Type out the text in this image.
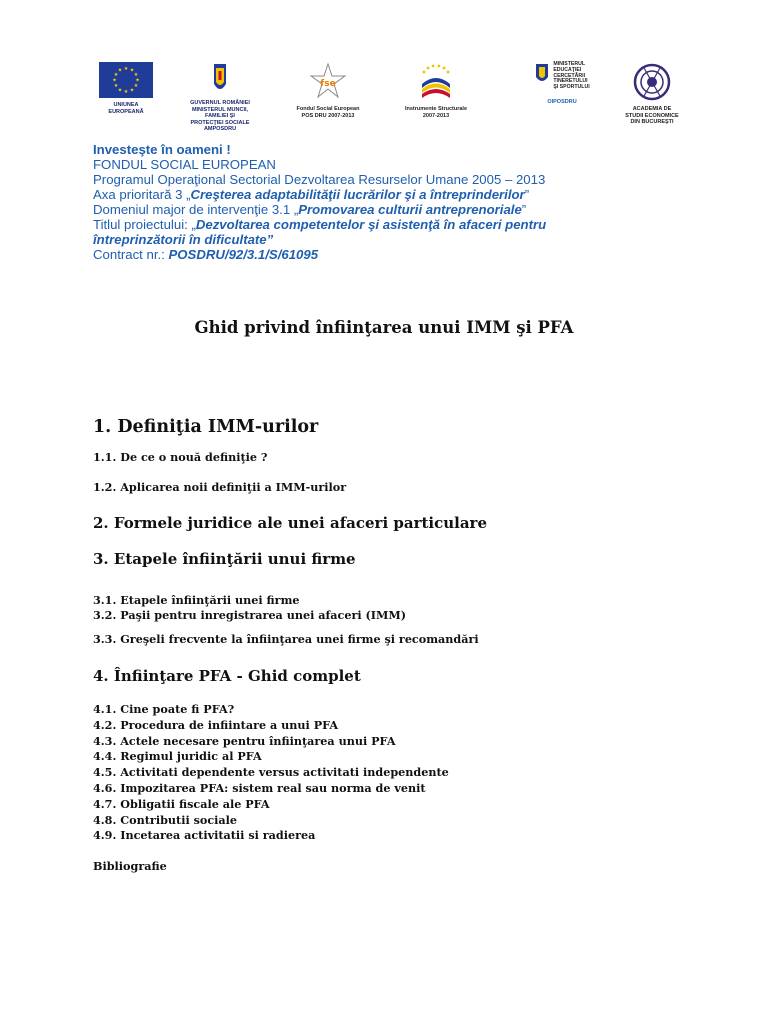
★ ★
★
★
★
★
★
★
★
★
★
★
UNIUNEA EUROPEANĂ
GUVERNUL ROMÂNIEI
MINISTERUL MUNCII, FAMILIEI ŞI
PROTECŢIEI SOCIALE
AMPOSDRU
fse
Fondul Social European
POS DRU 2007-2013
Instrumente Structurale
2007-2013
MINISTERUL
EDUCAŢIEI
CERCETĂRII
TINERETULUI
ŞI SPORTULUI
OIPOSDRU
ACADEMIA DE
STUDII ECONOMICE
DIN BUCUREŞTI
Investeşte în oameni !
FONDUL SOCIAL EUROPEAN
Programul Operaţional Sectorial Dezvoltarea Resurselor Umane 2005 – 2013
Axa prioritară 3 „Creşterea adaptabilităţii lucrărilor şi a întreprinderilor”
Domeniul major de intervenţie 3.1 „Promovarea culturii antreprenoriale”
Titlul proiectului: „Dezvoltarea competentelor şi asistenţă în afaceri pentru
întreprinzătorii în dificultate”
Contract nr.: POSDRU/92/3.1/S/61095
Ghid privind înfiinţarea unui IMM şi PFA
1. Definiţia IMM-urilor
1.1. De ce o nouă definiţie ?
1.2. Aplicarea noii definiţii a IMM-urilor
2. Formele juridice ale unei afaceri particulare
3. Etapele înfiinţării unui firme
3.1. Etapele înfiinţării unei firme
3.2. Paşii pentru inregistrarea unei afaceri (IMM)
3.3. Greşeli frecvente la înfiinţarea unei firme şi recomandări
4. Înfiinţare PFA - Ghid complet
4.1. Cine poate fi PFA?
4.2. Procedura de infiintare a unui PFA
4.3. Actele necesare pentru înfiinţarea unui PFA
4.4. Regimul juridic al PFA
4.5. Activitati dependente versus activitati independente
4.6. Impozitarea PFA: sistem real sau norma de venit
4.7. Obligatii fiscale ale PFA
4.8. Contributii sociale
4.9. Incetarea activitatii si radierea
Bibliografie
